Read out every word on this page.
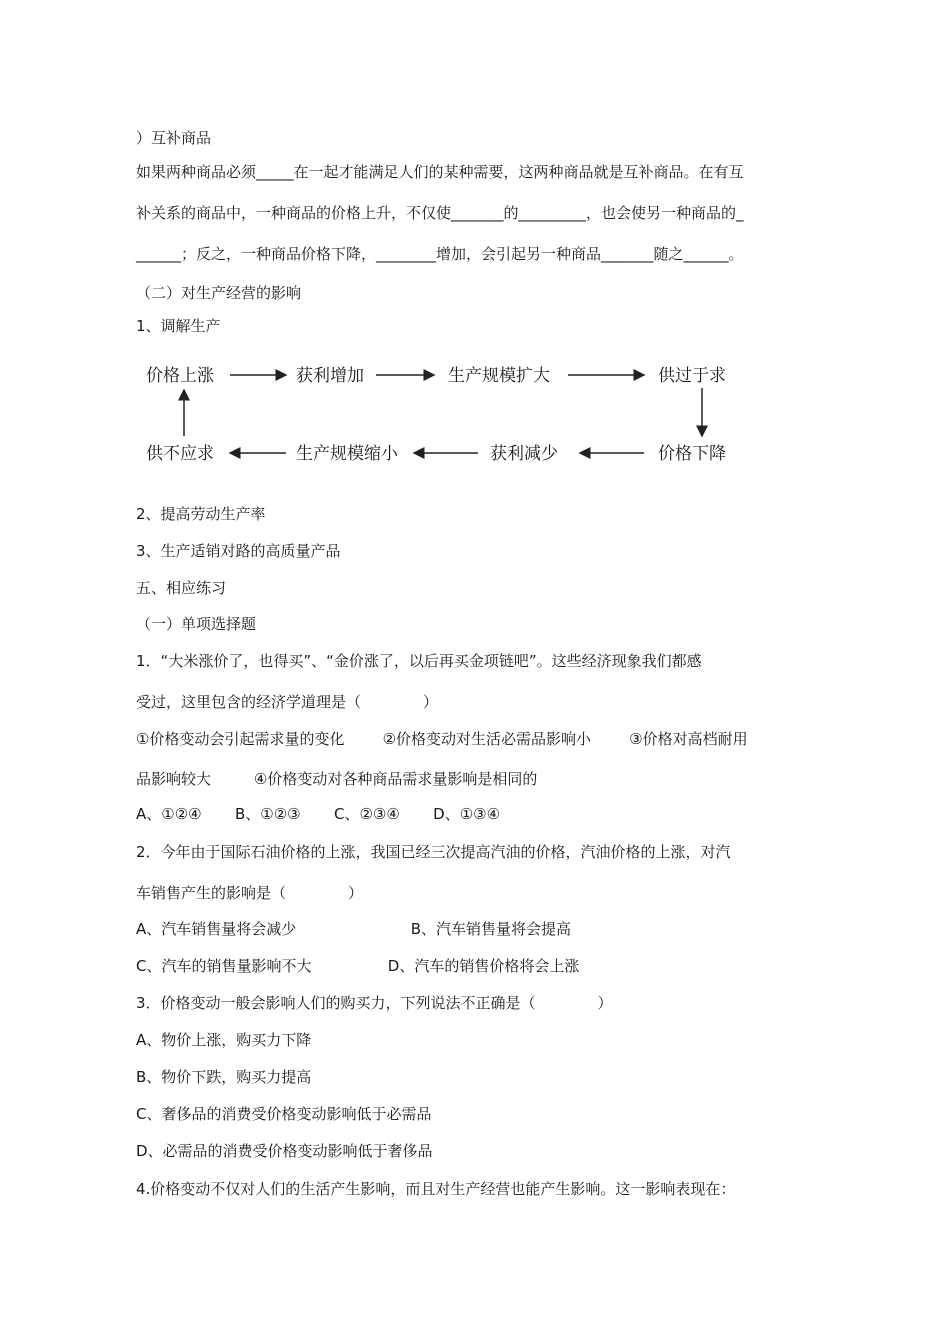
）互补商品
如果两种商品必须_____在一起才能满足人们的某种需要，这两种商品就是互补商品。在有互
补关系的商品中，一种商品的价格上升，不仅使_______的_________，也会使另一种商品的_
______；反之，一种商品价格下降，________增加，会引起另一种商品_______随之______。
（二）对生产经营的影响
1、调解生产
价格上涨	获利增加	生产规模扩大	供过于求
价格下降
获利减少
生产规模缩小
供不应求
2、提高劳动生产率
3、生产适销对路的高质量产品
五、相应练习
（一）单项选择题
1．“大米涨价了，也得买”、“金价涨了，以后再买金项链吧”。这些经济现象我们都感
受过，这里包含的经济学道理是（             ）
①价格变动会引起需求量的变化        ②价格变动对生活必需品影响小        ③价格对高档耐用
品影响较大         ④价格变动对各种商品需求量影响是相同的
A、①②④       B、①②③       C、②③④       D、①③④
2．今年由于国际石油价格的上涨，我国已经三次提高汽油的价格，汽油价格的上涨，对汽
车销售产生的影响是（             ）
A、汽车销售量将会减少                        B、汽车销售量将会提高
C、汽车的销售量影响不大                D、汽车的销售价格将会上涨
3．价格变动一般会影响人们的购买力，下列说法不正确是（             ）
A、物价上涨，购买力下降
B、物价下跌，购买力提高
C、奢侈品的消费受价格变动影响低于必需品
D、必需品的消费受价格变动影响低于奢侈品
4.价格变动不仅对人们的生活产生影响，而且对生产经营也能产生影响。这一影响表现在：
